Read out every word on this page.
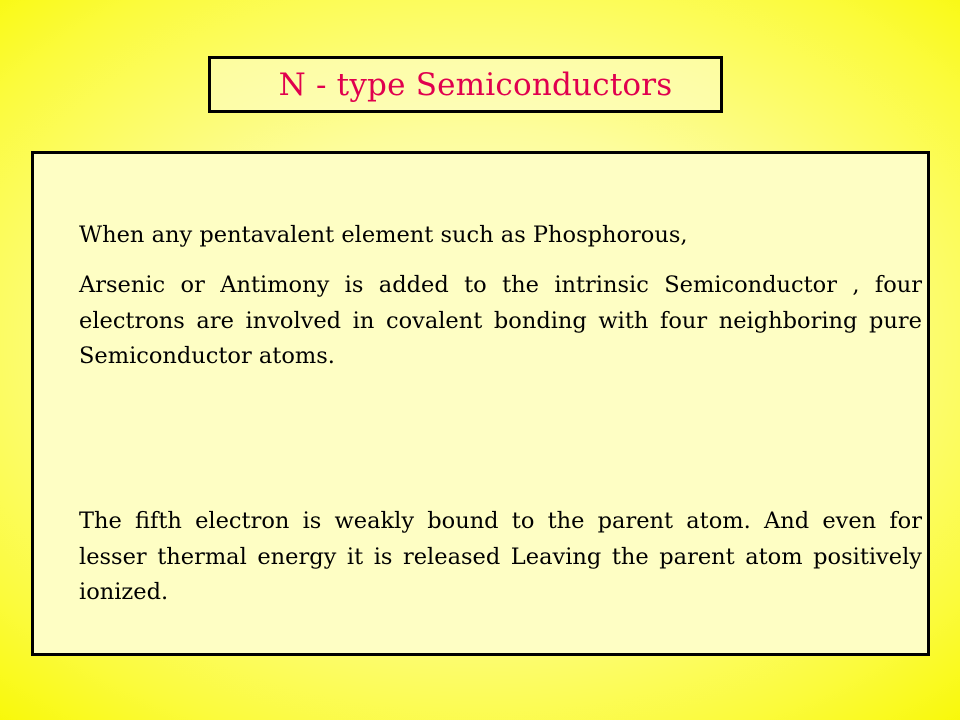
N - type Semiconductors

When any pentavalent element such as Phosphorous,

Arsenic or Antimony is added to the intrinsic Semiconductor , four electrons are involved in covalent bonding with four neighboring pure Semiconductor atoms.

The fifth electron is weakly bound to the parent atom. And even for lesser thermal energy it is released Leaving the parent atom positively ionized.
